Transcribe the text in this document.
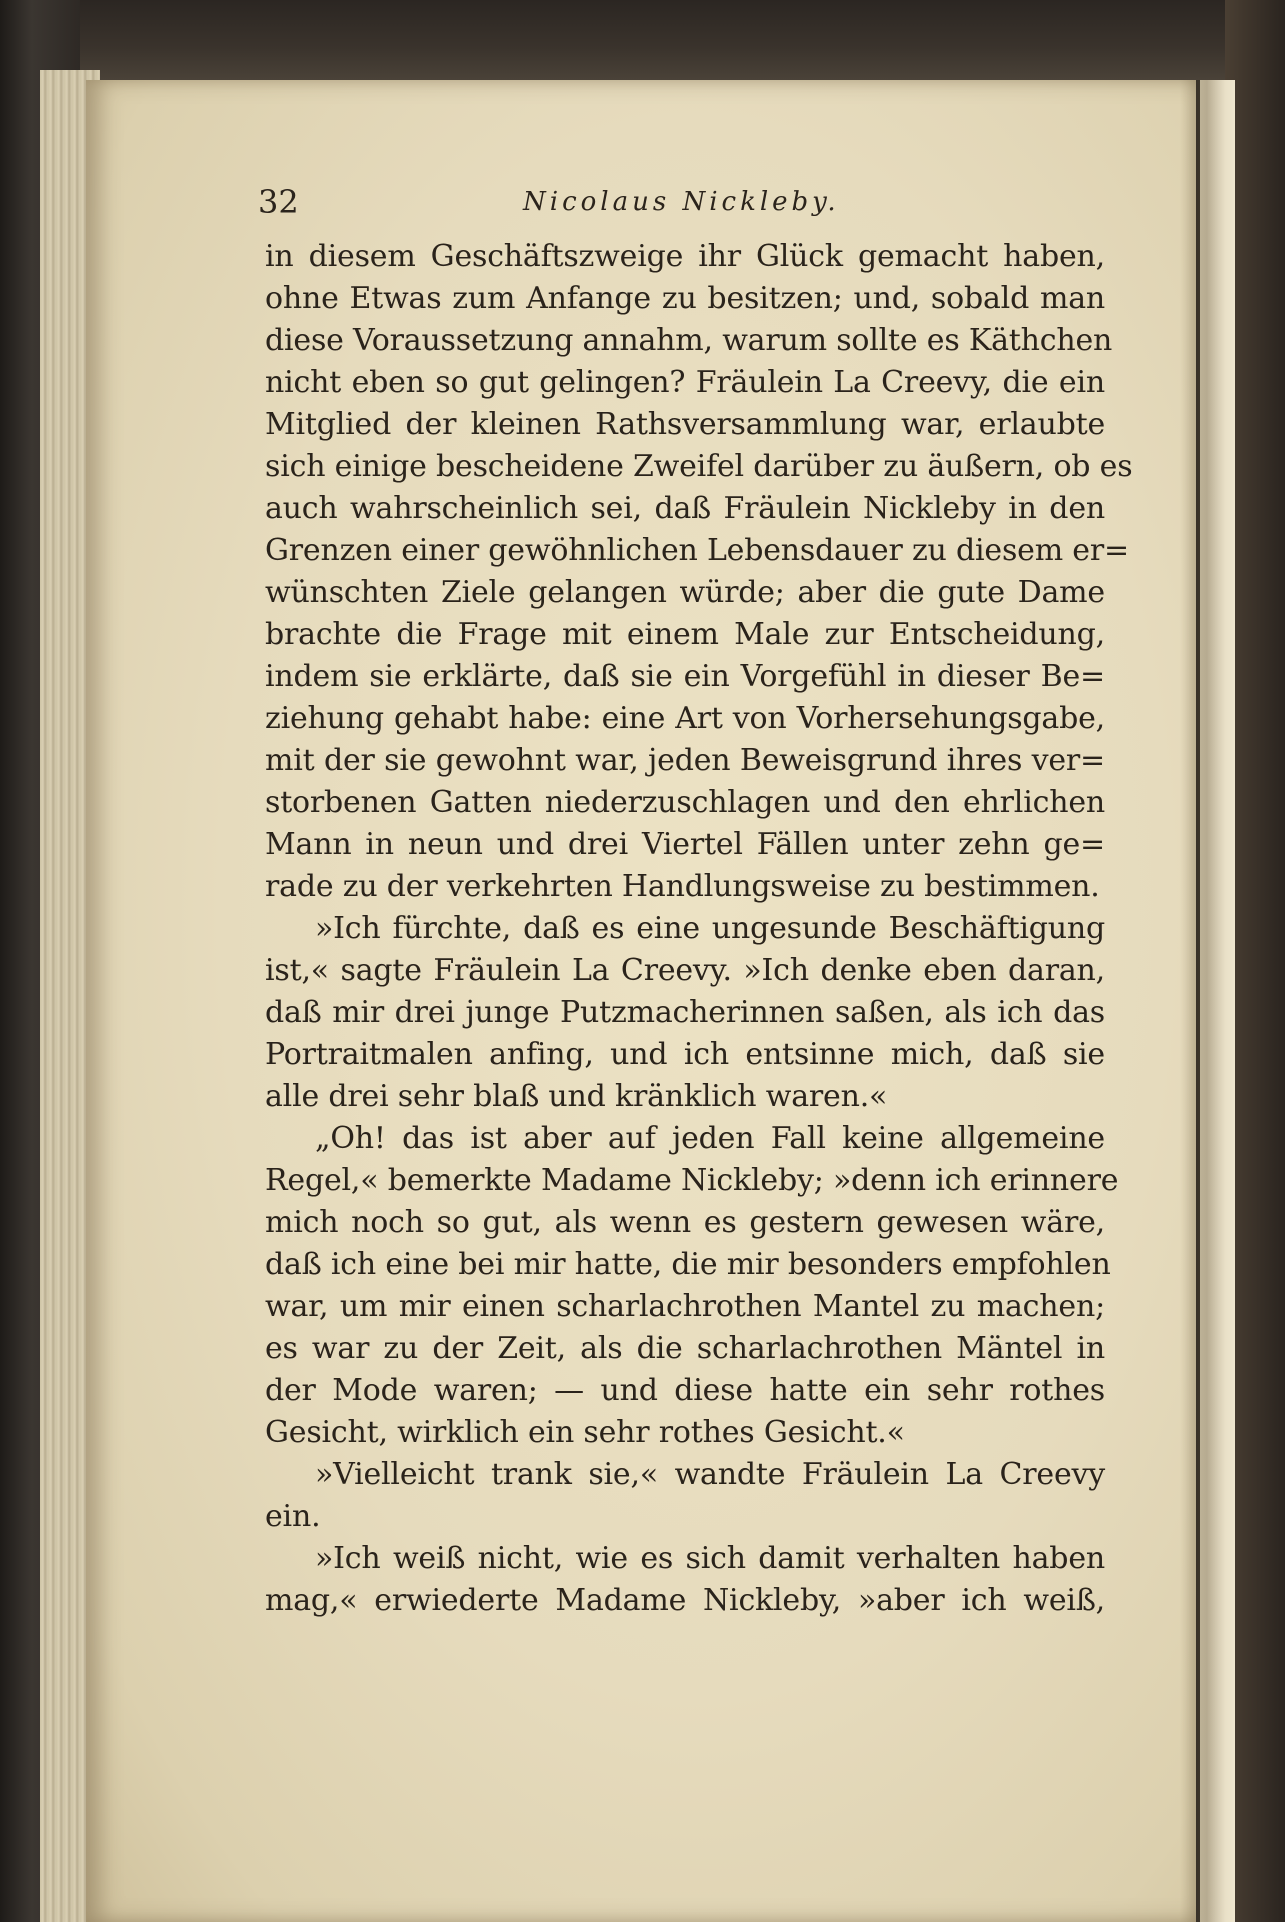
32	Nicolaus Nickleby.
in diesem Geschäftszweige ihr Glück gemacht haben,
ohne Etwas zum Anfange zu besitzen; und, sobald man
diese Voraussetzung annahm, warum sollte es Käthchen
nicht eben so gut gelingen? Fräulein La Creevy, die ein
Mitglied der kleinen Rathsversammlung war, erlaubte
sich einige bescheidene Zweifel darüber zu äußern, ob es
auch wahrscheinlich sei, daß Fräulein Nickleby in den
Grenzen einer gewöhnlichen Lebensdauer zu diesem er=
wünschten Ziele gelangen würde; aber die gute Dame
brachte die Frage mit einem Male zur Entscheidung,
indem sie erklärte, daß sie ein Vorgefühl in dieser Be=
ziehung gehabt habe: eine Art von Vorhersehungsgabe,
mit der sie gewohnt war, jeden Beweisgrund ihres ver=
storbenen Gatten niederzuschlagen und den ehrlichen
Mann in neun und drei Viertel Fällen unter zehn ge=
rade zu der verkehrten Handlungsweise zu bestimmen.
»Ich fürchte, daß es eine ungesunde Beschäftigung
ist,« sagte Fräulein La Creevy. »Ich denke eben daran,
daß mir drei junge Putzmacherinnen saßen, als ich das
Portraitmalen anfing, und ich entsinne mich, daß sie
alle drei sehr blaß und kränklich waren.«
„Oh! das ist aber auf jeden Fall keine allgemeine
Regel,« bemerkte Madame Nickleby; »denn ich erinnere
mich noch so gut, als wenn es gestern gewesen wäre,
daß ich eine bei mir hatte, die mir besonders empfohlen
war, um mir einen scharlachrothen Mantel zu machen;
es war zu der Zeit, als die scharlachrothen Mäntel in
der Mode waren; — und diese hatte ein sehr rothes
Gesicht, wirklich ein sehr rothes Gesicht.«
»Vielleicht trank sie,« wandte Fräulein La Creevy
ein.
»Ich weiß nicht, wie es sich damit verhalten haben
mag,« erwiederte Madame Nickleby, »aber ich weiß,
